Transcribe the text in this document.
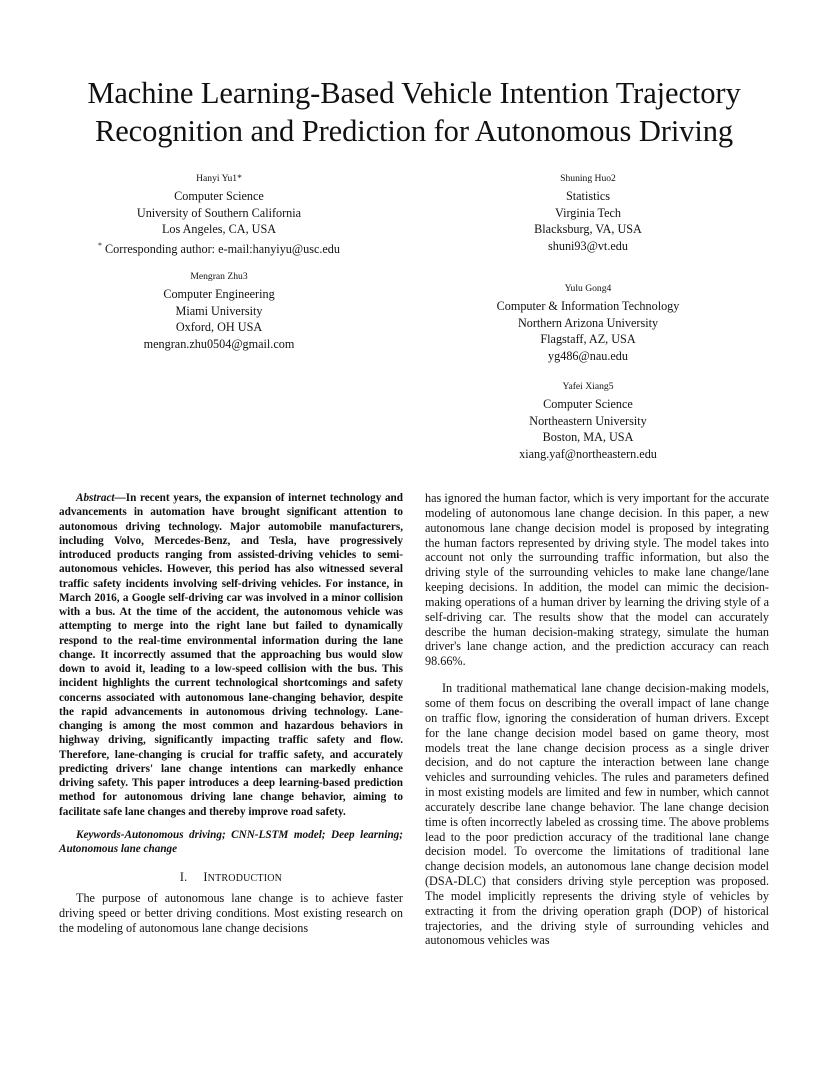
Machine Learning-Based Vehicle Intention Trajectory
Recognition and Prediction for Autonomous Driving
Hanyi Yu1*
Computer Science
University of Southern California
Los Angeles, CA, USA
* Corresponding author: e-mail:hanyiyu@usc.edu
Shuning Huo2
Statistics
Virginia Tech
Blacksburg, VA, USA
shuni93@vt.edu
Mengran Zhu3
Computer Engineering
Miami University
Oxford, OH USA
mengran.zhu0504@gmail.com
Yulu Gong4
Computer & Information Technology
Northern Arizona University
Flagstaff, AZ, USA
yg486@nau.edu
Yafei Xiang5
Computer Science
Northeastern University
Boston, MA, USA
xiang.yaf@northeastern.edu

Abstract—In recent years, the expansion of internet technology and advancements in automation have brought significant attention to autonomous driving technology. Major automobile manufacturers, including Volvo, Mercedes-Benz, and Tesla, have progressively introduced products ranging from assisted-driving vehicles to semi-autonomous vehicles. However, this period has also witnessed several traffic safety incidents involving self-driving vehicles. For instance, in March 2016, a Google self-driving car was involved in a minor collision with a bus. At the time of the accident, the autonomous vehicle was attempting to merge into the right lane but failed to dynamically respond to the real-time environmental information during the lane change. It incorrectly assumed that the approaching bus would slow down to avoid it, leading to a low-speed collision with the bus. This incident highlights the current technological shortcomings and safety concerns associated with autonomous lane-changing behavior, despite the rapid advancements in autonomous driving technology. Lane-changing is among the most common and hazardous behaviors in highway driving, significantly impacting traffic safety and flow. Therefore, lane-changing is crucial for traffic safety, and accurately predicting drivers' lane change intentions can markedly enhance driving safety. This paper introduces a deep learning-based prediction method for autonomous driving lane change behavior, aiming to facilitate safe lane changes and thereby improve road safety.

Keywords-Autonomous driving; CNN-LSTM model; Deep learning; Autonomous lane change

I. INTRODUCTION

The purpose of autonomous lane change is to achieve faster driving speed or better driving conditions. Most existing research on the modeling of autonomous lane change decisions

has ignored the human factor, which is very important for the accurate modeling of autonomous lane change decision. In this paper, a new autonomous lane change decision model is proposed by integrating the human factors represented by driving style. The model takes into account not only the surrounding traffic information, but also the driving style of the surrounding vehicles to make lane change/lane keeping decisions. In addition, the model can mimic the decision-making operations of a human driver by learning the driving style of a self-driving car. The results show that the model can accurately describe the human decision-making strategy, simulate the human driver's lane change action, and the prediction accuracy can reach 98.66%.

In traditional mathematical lane change decision-making models, some of them focus on describing the overall impact of lane change on traffic flow, ignoring the consideration of human drivers. Except for the lane change decision model based on game theory, most models treat the lane change decision process as a single driver decision, and do not capture the interaction between lane change vehicles and surrounding vehicles. The rules and parameters defined in most existing models are limited and few in number, which cannot accurately describe lane change behavior. The lane change decision time is often incorrectly labeled as crossing time. The above problems lead to the poor prediction accuracy of the traditional lane change decision model. To overcome the limitations of traditional lane change decision models, an autonomous lane change decision model (DSA-DLC) that considers driving style perception was proposed. The model implicitly represents the driving style of vehicles by extracting it from the driving operation graph (DOP) of historical trajectories, and the driving style of surrounding vehicles and autonomous vehicles was
